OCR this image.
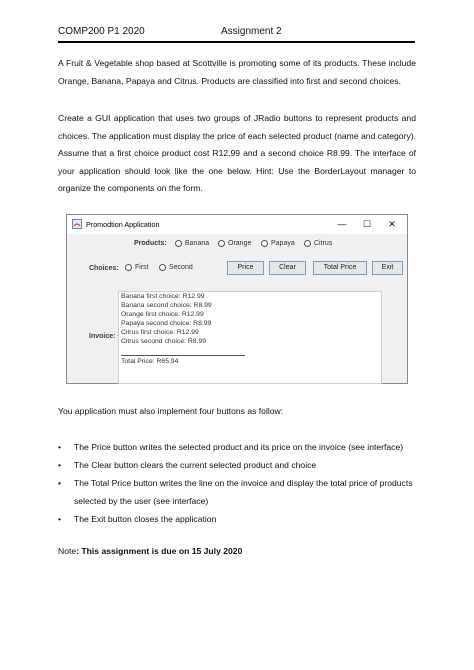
COMP200 P1 2020	Assignment 2

A Fruit & Vegetable shop based at Scottville is promoting some of its products. These include Orange, Banana, Papaya and Citrus. Products are classified into first and second choices.

Create a GUI application that uses two groups of JRadio buttons to represent products and choices. The application must display the price of each selected product (name and category). Assume that a first choice product cost R12.99 and a second choice R8.99. The interface of your application should look like the one below. Hint: Use the BorderLayout manager to organize the components on the form.

Promodtion Application	—	☐	✕
Products:	Banana	Orange	Papaya	Citrus
Choices: First	Second	Price	Clear	Total Price	Exit
Invoice:
Banana first choice: R12.99
Banana second choice: R8.99
Orange first choice: R12.99
Papaya second choice: R8.99
Citrus first choice: R12.99
Citrus second choice: R8.99
Total Price: R65.94

You application must also implement four buttons as follow:

• The Price button writes the selected product and its price on the invoice (see interface)
• The Clear button clears the current selected product and choice
• The Total Price button writes the line on the invoice and display the total price of products selected by the user (see interface)
• The Exit button closes the application
Note: This assignment is due on 15 July 2020
